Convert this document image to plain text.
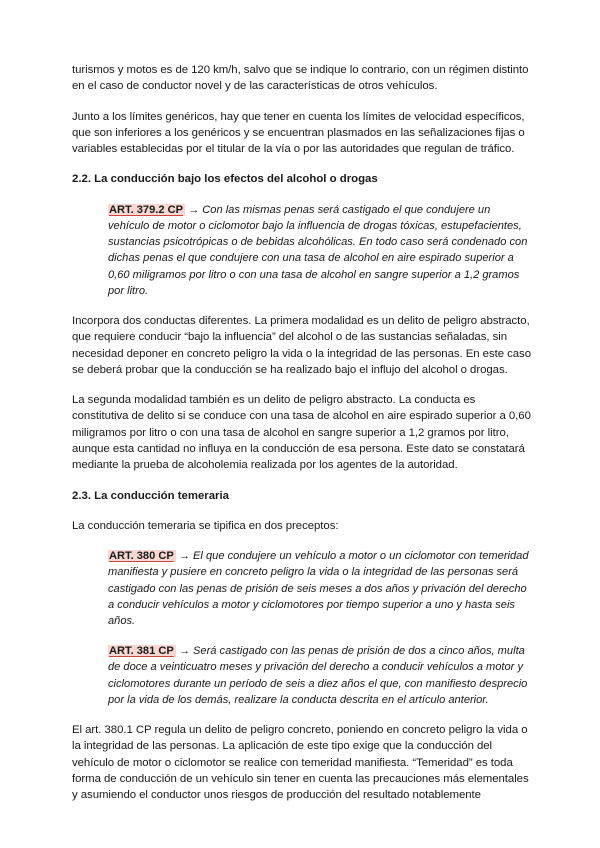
turismos y motos es de 120 km/h, salvo que se indique lo contrario, con un régimen distinto en el caso de conductor novel y de las características de otros vehículos.

Junto a los límites genéricos, hay que tener en cuenta los límites de velocidad específicos, que son inferiores a los genéricos y se encuentran plasmados en las señalizaciones fijas o variables establecidas por el titular de la vía o por las autoridades que regulan de tráfico.

2.2. La conducción bajo los efectos del alcohol o drogas

ART. 379.2 CP → Con las mismas penas será castigado el que condujere un vehículo de motor o ciclomotor bajo la influencia de drogas tóxicas, estupefacientes, sustancias psicotrópicas o de bebidas alcohólicas. En todo caso será condenado con dichas penas el que condujere con una tasa de alcohol en aire espirado superior a 0,60 miligramos por litro o con una tasa de alcohol en sangre superior a 1,2 gramos por litro.

Incorpora dos conductas diferentes. La primera modalidad es un delito de peligro abstracto, que requiere conducir “bajo la influencia” del alcohol o de las sustancias señaladas, sin necesidad deponer en concreto peligro la vida o la integridad de las personas. En este caso se deberá probar que la conducción se ha realizado bajo el influjo del alcohol o drogas.

La segunda modalidad también es un delito de peligro abstracto. La conducta es constitutiva de delito si se conduce con una tasa de alcohol en aire espirado superior a 0,60 miligramos por litro o con una tasa de alcohol en sangre superior a 1,2 gramos por litro, aunque esta cantidad no influya en la conducción de esa persona. Este dato se constatará mediante la prueba de alcoholemia realizada por los agentes de la autoridad.

2.3. La conducción temeraria

La conducción temeraria se tipifica en dos preceptos:

ART. 380 CP → El que condujere un vehículo a motor o un ciclomotor con temeridad manifiesta y pusiere en concreto peligro la vida o la integridad de las personas será castigado con las penas de prisión de seis meses a dos años y privación del derecho a conducir vehículos a motor y ciclomotores por tiempo superior a uno y hasta seis años.

ART. 381 CP → Será castigado con las penas de prisión de dos a cinco años, multa de doce a veinticuatro meses y privación del derecho a conducir vehículos a motor y ciclomotores durante un período de seis a diez años el que, con manifiesto desprecio por la vida de los demás, realizare la conducta descrita en el artículo anterior.

El art. 380.1 CP regula un delito de peligro concreto, poniendo en concreto peligro la vida o la integridad de las personas. La aplicación de este tipo exige que la conducción del vehículo de motor o ciclomotor se realice con temeridad manifiesta. “Temeridad” es toda forma de conducción de un vehículo sin tener en cuenta las precauciones más elementales y asumiendo el conductor unos riesgos de producción del resultado notablemente
